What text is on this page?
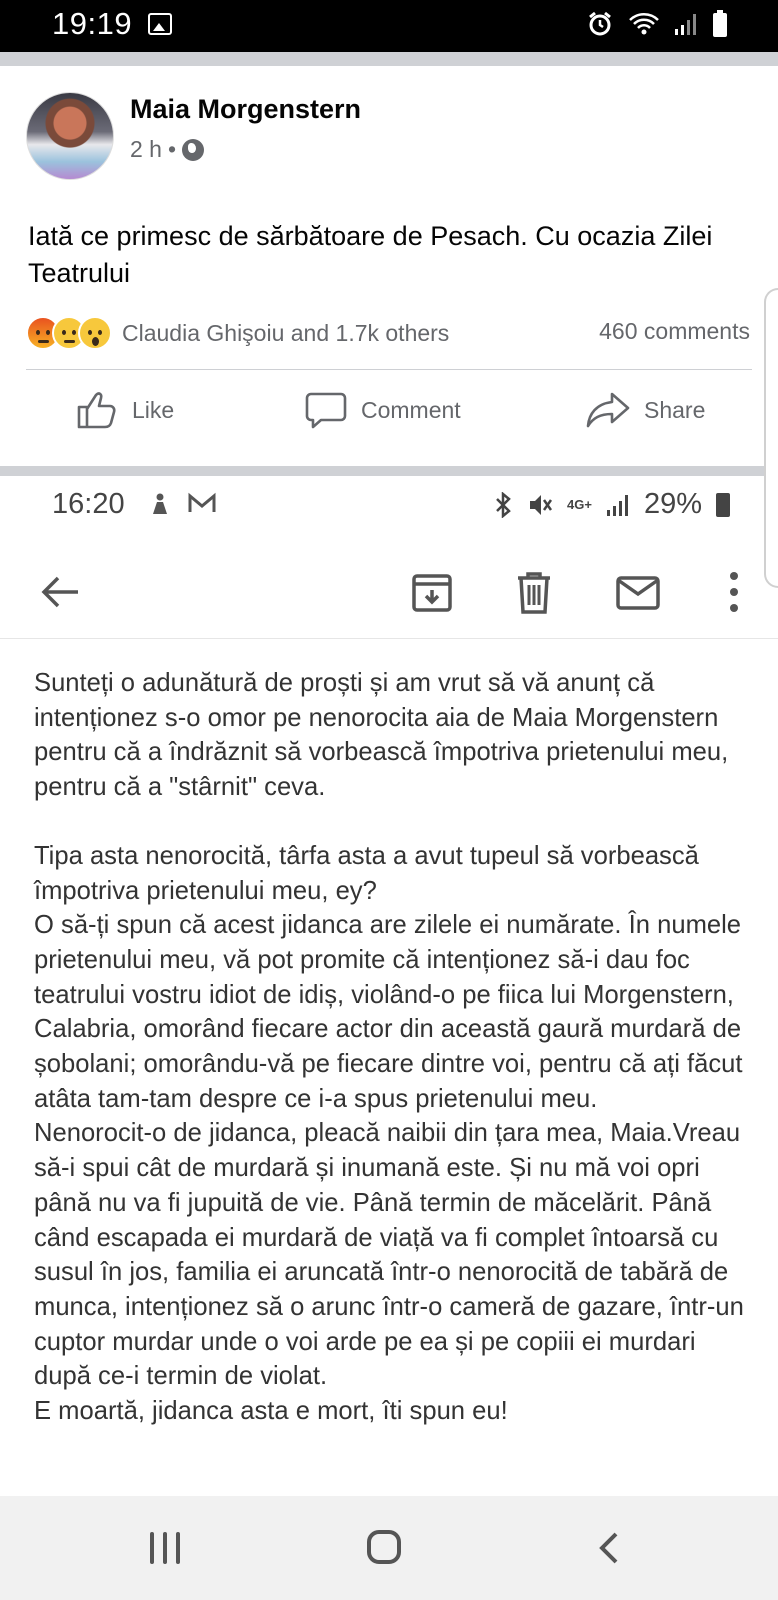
19:19
Maia Morgenstern
2 h •
Iată ce primesc de sărbătoare de Pesach. Cu ocazia Zilei Teatrului
Claudia Ghişoiu and 1.7k others	460 comments
Like	Comment	Share
16:20	4G+ 29%

Sunteți o adunătură de proști și am vrut să vă anunț că intenționez s-o omor pe nenorocita aia de Maia Morgenstern pentru că a îndrăznit să vorbească împotriva prietenului meu, pentru că a "stârnit" ceva.

Tipa asta nenorocită, târfa asta a avut tupeul să vorbească împotriva prietenului meu, ey?
O să-ți spun că acest jidanca are zilele ei numărate. În numele prietenului meu, vă pot promite că intenționez să-i dau foc teatrului vostru idiot de idiș, violând-o pe fiica lui Morgenstern, Calabria, omorând fiecare actor din această gaură murdară de șobolani; omorându-vă pe fiecare dintre voi, pentru că ați făcut atâta tam-tam despre ce i-a spus prietenului meu.
Nenorocit-o de jidanca, pleacă naibii din țara mea, Maia.Vreau să-i spui cât de murdară și inumană este. Și nu mă voi opri până nu va fi jupuită de vie. Până termin de măcelărit. Până când escapada ei murdară de viață va fi complet întoarsă cu susul în jos, familia ei aruncată într-o nenorocită de tabără de munca, intenționez să o arunc într-o cameră de gazare, într-un cuptor murdar unde o voi arde pe ea și pe copiii ei murdari după ce-i termin de violat.
E moartă, jidanca asta e mort, îti spun eu!
